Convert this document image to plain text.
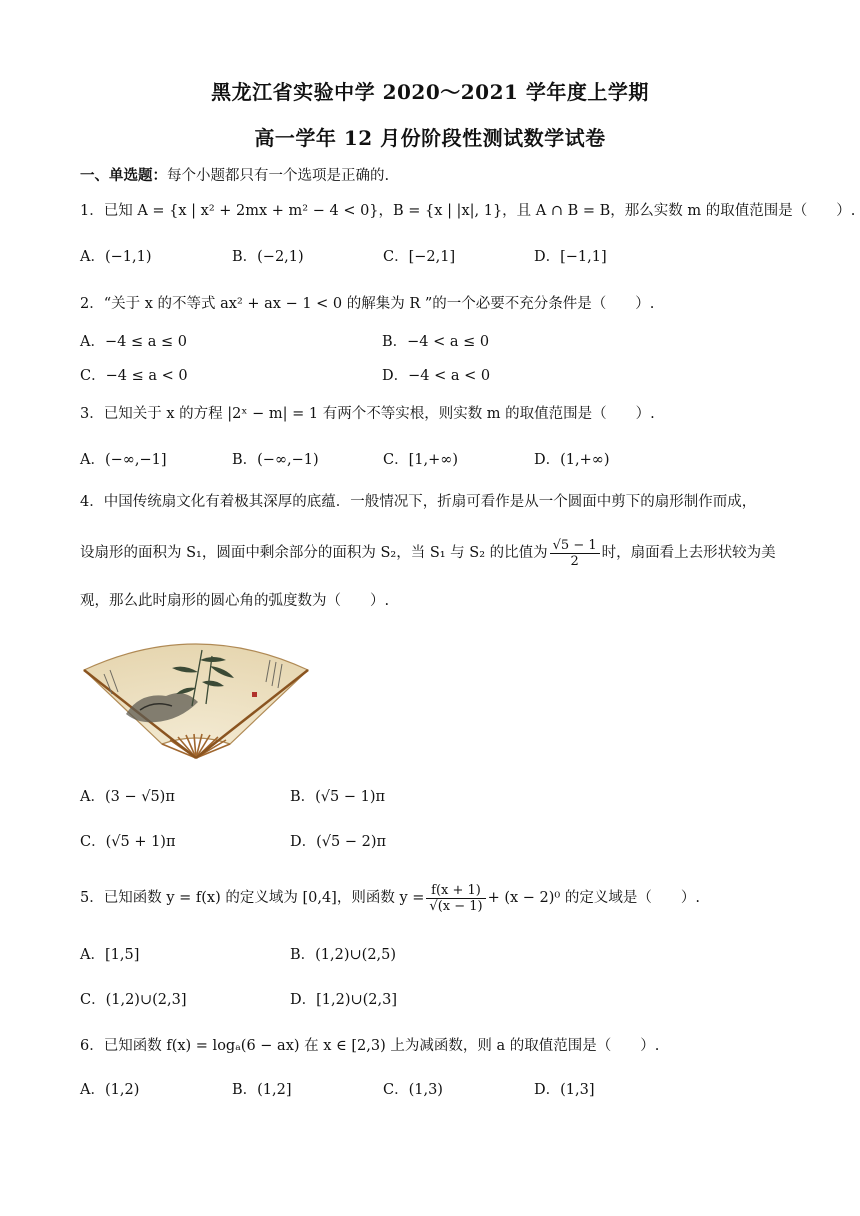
黑龙江省实验中学 2020～2021 学年度上学期
高一学年 12 月份阶段性测试数学试卷
一、单选题：每个小题都只有一个选项是正确的.
1．已知 A = {x | x² + 2mx + m² − 4 < 0}，B = {x | |x|, 1}，且 A ∩ B = B，那么实数 m 的取值范围是（　　）.
A．(−1,1)	B．(−2,1)	C．[−2,1]	D．[−1,1]
2．“关于 x 的不等式 ax² + ax − 1 < 0 的解集为 R ”的一个必要不充分条件是（　　）.
A．−4 ≤ a ≤ 0	B．−4 < a ≤ 0
C．−4 ≤ a < 0	D．−4 < a < 0
3．已知关于 x 的方程 |2ˣ − m| = 1 有两个不等实根，则实数 m 的取值范围是（　　）.
A．(−∞,−1]	B．(−∞,−1)	C．[1,+∞)	D．(1,+∞)
4．中国传统扇文化有着极其深厚的底蕴．一般情况下，折扇可看作是从一个圆面中剪下的扇形制作而成，
设扇形的面积为 S₁，圆面中剩余部分的面积为 S₂，当 S₁ 与 S₂ 的比值为 $\frac{√5 - 1}{2}$ 时，扇面看上去形状较为美
观，那么此时扇形的圆心角的弧度数为（　　）.
A．(3 − √5)π	B．(√5 − 1)π
C．(√5 + 1)π	D．(√5 − 2)π
5．已知函数 y = f(x) 的定义域为 [0,4]，则函数 $y = \frac{f(x + 1)}{√(x - 1)} + (x - 2)^0$ 的定义域是（　　）.
A．[1,5]	B．(1,2)∪(2,5)
C．(1,2)∪(2,3]	D．[1,2)∪(2,3]
6．已知函数 f(x) = logₐ(6 − ax) 在 x ∈ [2,3) 上为减函数，则 a 的取值范围是（　　）.
A．(1,2)	B．(1,2]	C．(1,3)	D．(1,3]
